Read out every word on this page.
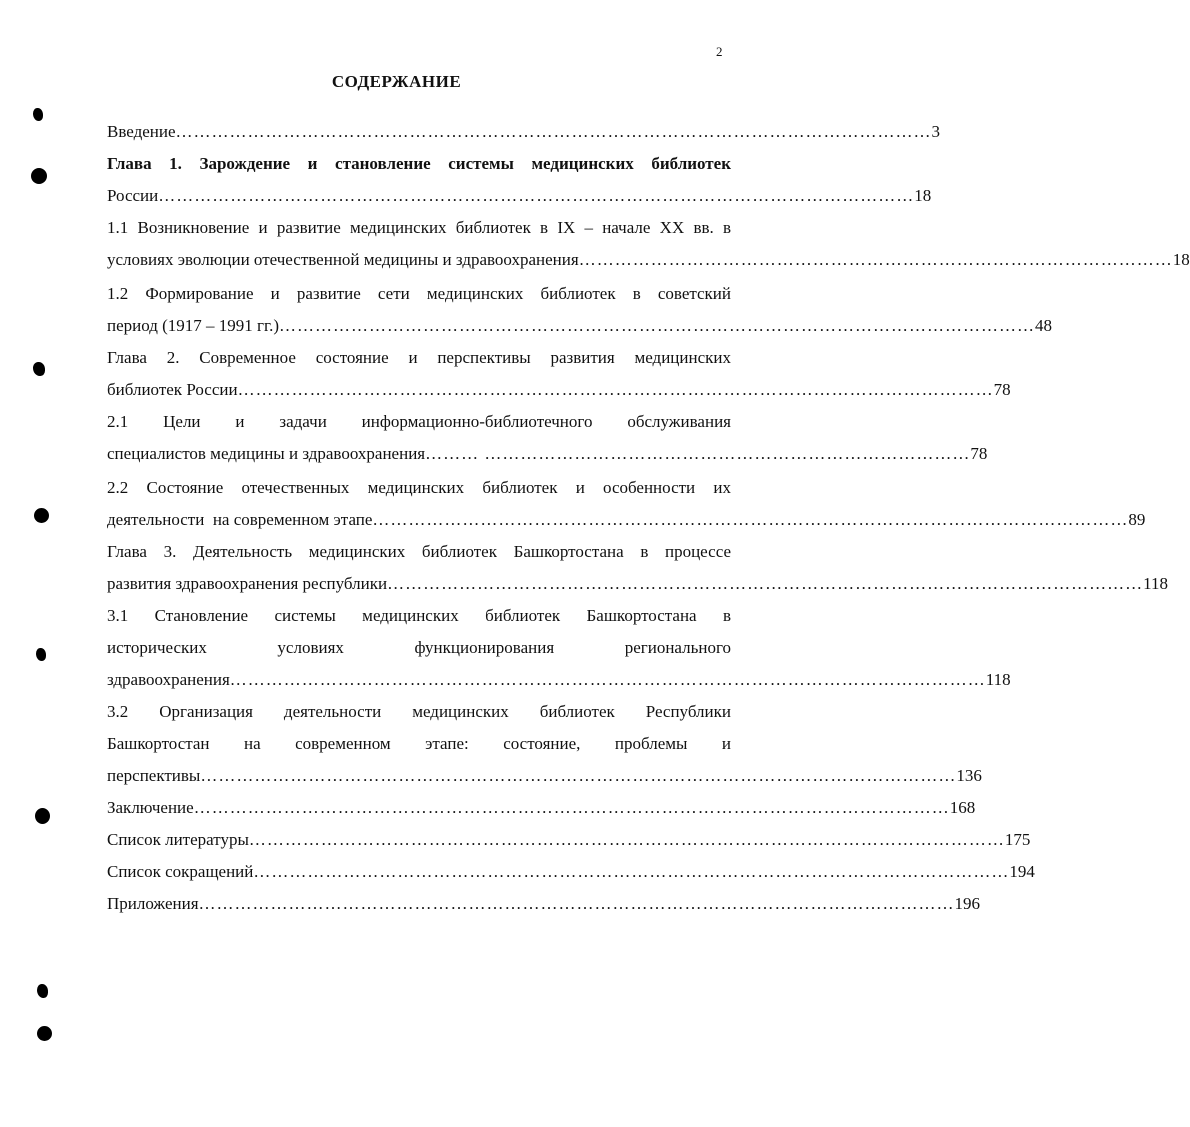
2
СОДЕРЖАНИЕ
Введение ……………………………………………………………………………………………………………… 3
Глава 1. Зарождение и становление системы медицинских библиотек
России ……………………………………………………………………………………………………………… 18
1.1 Возникновение и развитие медицинских библиотек в IX – начале XX вв. в
условиях эволюции отечественной медицины и здравоохранения ……………………………………………………………………………………… 18
1.2 Формирование и развитие сети медицинских библиотек в советский
период (1917 – 1991 гг.) ……………………………………………………………………………………………………………… 48
Глава 2. Современное состояние и перспективы развития медицинских
библиотек России ……………………………………………………………………………………………………………… 78
2.1 Цели и задачи информационно-библиотечного обслуживания
специалистов медицины и здравоохранения ……… ……………………………………………………………………… 78
2.2 Состояние отечественных медицинских библиотек и особенности их
деятельности  на современном этапе ……………………………………………………………………………………………………………… 89
Глава 3. Деятельность медицинских библиотек Башкортостана в процессе
развития здравоохранения республики ……………………………………………………………………………………………………………… 118
3.1 Становление системы медицинских библиотек Башкортостана в
исторических условиях функционирования регионального
здравоохранения ……………………………………………………………………………………………………………… 118
3.2 Организация деятельности медицинских библиотек Республики
Башкортостан на современном этапе: состояние, проблемы и
перспективы ……………………………………………………………………………………………………………… 136
Заключение ……………………………………………………………………………………………………………… 168
Список литературы ……………………………………………………………………………………………………………… 175
Список сокращений ……………………………………………………………………………………………………………… 194
Приложения ……………………………………………………………………………………………………………… 196
